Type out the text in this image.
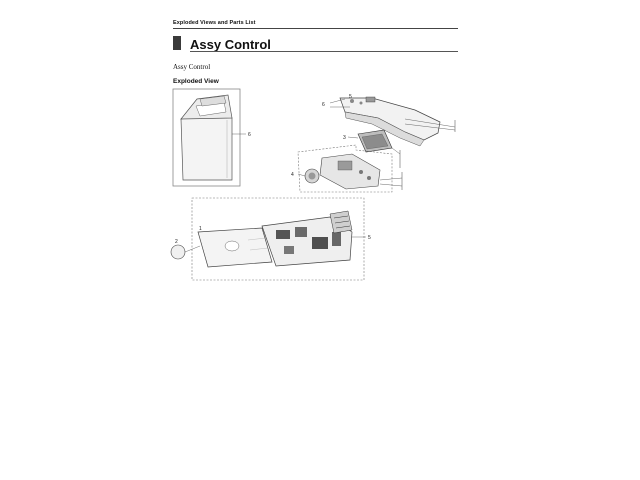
Exploded Views and Parts List
Assy Control
Assy Control
Exploded View
6
6
5
3
4
2
1
5
